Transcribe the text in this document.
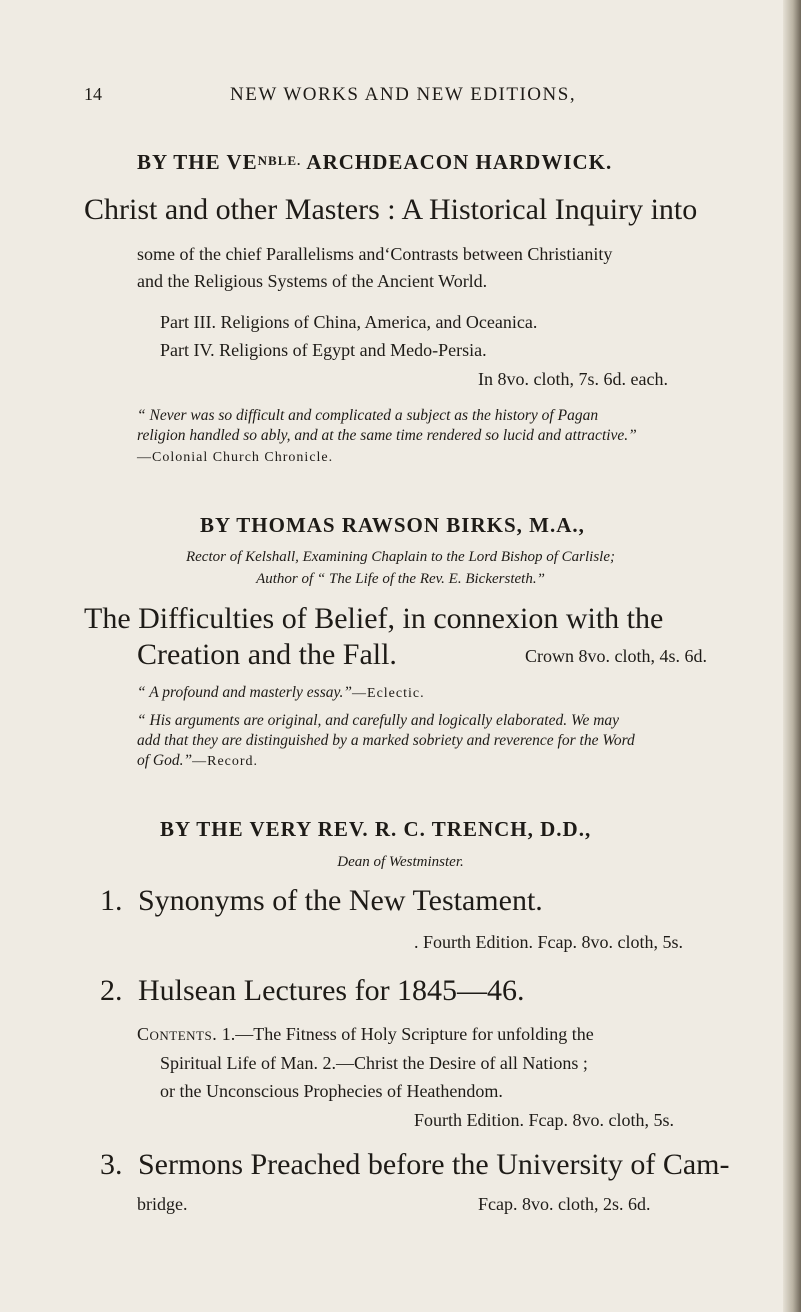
14	NEW WORKS AND NEW EDITIONS,
BY THE $VE^{NBLE.}$ ARCHDEACON HARDWICK.
Christ and other Masters : A Historical Inquiry into
some of the chief Parallelisms and‘Contrasts between Christianity
and the Religious Systems of the Ancient World.
Part III. Religions of China, America, and Oceanica.
Part IV. Religions of Egypt and Medo-Persia.
In 8vo. cloth, 7s. 6d. each.
“ Never was so difficult and complicated a subject as the history of Pagan
religion handled so ably, and at the same time rendered so lucid and attractive.”
—Colonial Church Chronicle.
BY THOMAS RAWSON BIRKS, M.A.,
Rector of Kelshall, Examining Chaplain to the Lord Bishop of Carlisle;
Author of “ The Life of the Rev. E. Bickersteth.”
The Difficulties of Belief, in connexion with the
Creation and the Fall.	Crown 8vo. cloth, 4s. 6d.
“ A profound and masterly essay.”—Eclectic.
“ His arguments are original, and carefully and logically elaborated. We may
add that they are distinguished by a marked sobriety and reverence for the Word
of God.”—Record.
BY THE VERY REV. R. C. TRENCH, D.D.,
Dean of Westminster.
1. Synonyms of the New Testament.
. Fourth Edition. Fcap. 8vo. cloth, 5s.
2. Hulsean Lectures for 1845—46.
Contents. 1.—The Fitness of Holy Scripture for unfolding the
Spiritual Life of Man. 2.—Christ the Desire of all Nations ;
or the Unconscious Prophecies of Heathendom.
Fourth Edition. Fcap. 8vo. cloth, 5s.
3. Sermons Preached before the University of Cam-
bridge.	Fcap. 8vo. cloth, 2s. 6d.
